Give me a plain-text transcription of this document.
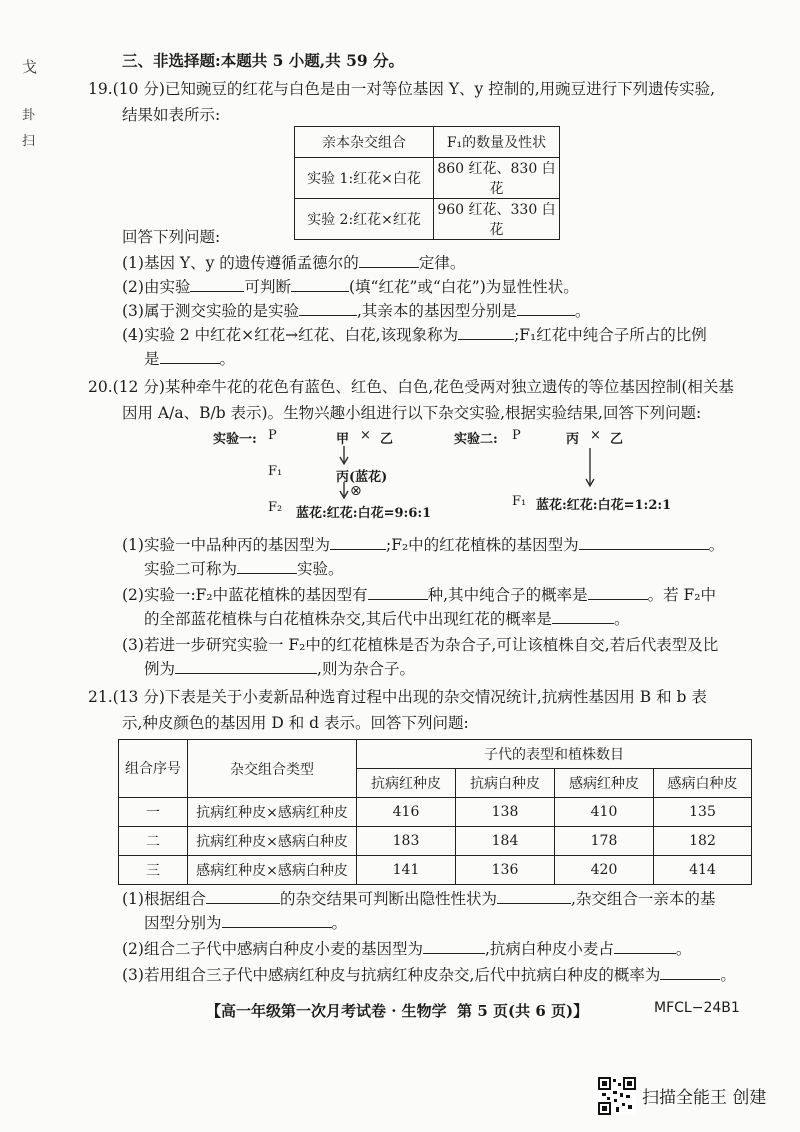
戈
卦
扫
三、非选择题:本题共 5 小题,共 59 分。
19.(10 分)已知豌豆的红花与白色是由一对等位基因 Y、y 控制的,用豌豆进行下列遗传实验,
结果如表所示:
亲本杂交组合	F₁的数量及性状
实验 1:红花×白花	860 红花、830 白花
实验 2:红花×红花	960 红花、330 白花
回答下列问题:
(1)基因 Y、y 的遗传遵循孟德尔的	定律。
(2)由实验	可判断	(填“红花”或“白花”)为显性性状。
(3)属于测交实验的是实验	,其亲本的基因型分别是	。
(4)实验 2 中红花×红花→红花、白花,该现象称为	;F₁红花中纯合子所占的比例
是	。
20.(12 分)某种牵牛花的花色有蓝色、红色、白色,花色受两对独立遗传的等位基因控制(相关基
因用 A/a、B/b 表示)。生物兴趣小组进行以下杂交实验,根据实验结果,回答下列问题:
实验一: P	甲 × 乙
F₁	丙(蓝花)
⊗
F₂ 蓝花:红花:白花=9:6:1
实验二: P	丙 × 乙
F₁ 蓝花:红花:白花=1:2:1
(1)实验一中品种丙的基因型为	;F₂中的红花植株的基因型为	。
实验二可称为	实验。
(2)实验一:F₂中蓝花植株的基因型有	种,其中纯合子的概率是	。若 F₂中
的全部蓝花植株与白花植株杂交,其后代中出现红花的概率是	。
(3)若进一步研究实验一 F₂中的红花植株是否为杂合子,可让该植株自交,若后代表型及比
例为	,则为杂合子。
21.(13 分)下表是关于小麦新品种选育过程中出现的杂交情况统计,抗病性基因用 B 和 b 表
示,种皮颜色的基因用 D 和 d 表示。回答下列问题:
组合序号	杂交组合类型	子代的表型和植株数目			
		抗病红种皮	抗病白种皮	感病红种皮	感病白种皮
一	抗病红种皮×感病红种皮	416	138	410	135
二	抗病红种皮×感病白种皮	183	184	178	182
三	感病红种皮×感病白种皮	141	136	420	414
(1)根据组合	的杂交结果可判断出隐性性状为	,杂交组合一亲本的基
因型分别为	。
(2)组合二子代中感病白种皮小麦的基因型为	,抗病白种皮小麦占	。
(3)若用组合三子代中感病红种皮与抗病红种皮杂交,后代中抗病白种皮的概率为	。
【高一年级第一次月考试卷 · 生物学 第 5 页(共 6 页)】	MFCL−24B1
扫描全能王 创建
